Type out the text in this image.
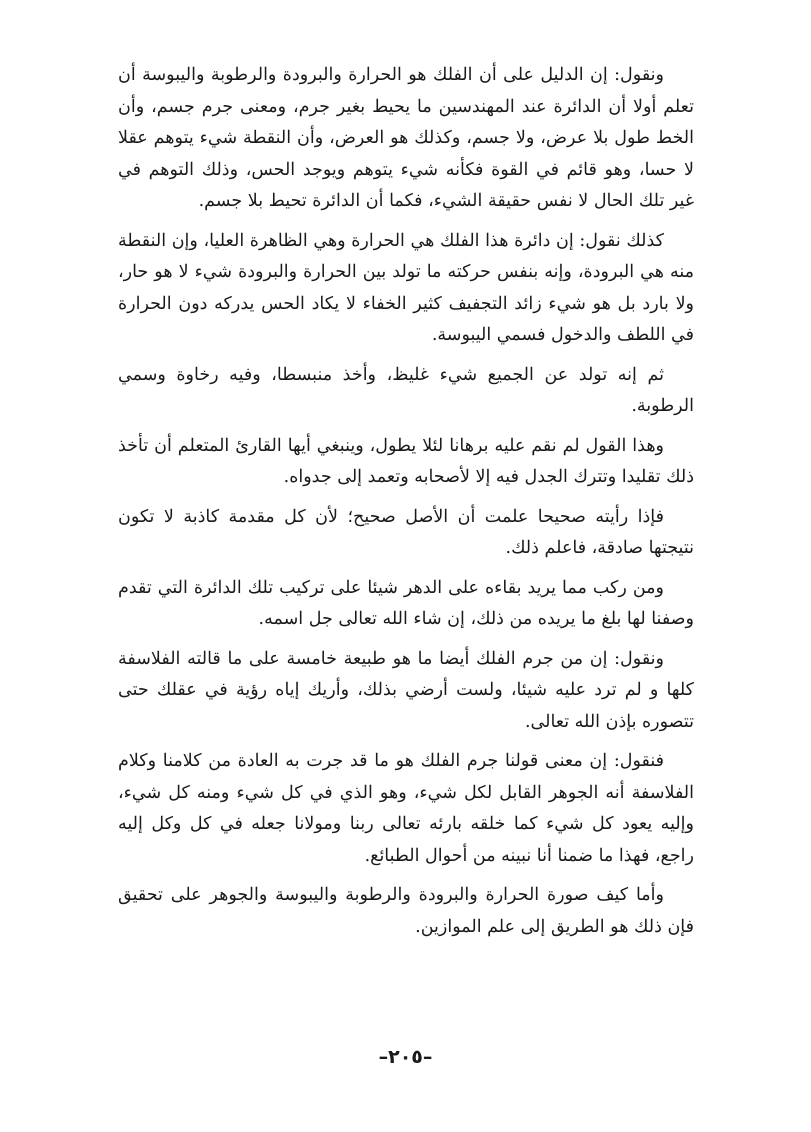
ونقول: إن الدليل على أن الفلك هو الحرارة والبرودة والرطوبة واليبوسة أن تعلم أولا أن الدائرة عند المهندسين ما يحيط بغير جرم، ومعنى جرم جسم، وأن الخط طول بلا عرض، ولا جسم، وكذلك هو العرض، وأن النقطة شيء يتوهم عقلا لا حسا، وهو قائم في القوة فكأنه شيء يتوهم ويوجد الحس، وذلك التوهم في غير تلك الحال لا نفس حقيقة الشيء، فكما أن الدائرة تحيط بلا جسم.

كذلك نقول: إن دائرة هذا الفلك هي الحرارة وهي الظاهرة العليا، وإن النقطة منه هي البرودة، وإنه بنفس حركته ما تولد بين الحرارة والبرودة شيء لا هو حار، ولا بارد بل هو شيء زائد التجفيف كثير الخفاء لا يكاد الحس يدركه دون الحرارة في اللطف والدخول فسمي اليبوسة.

ثم إنه تولد عن الجميع شيء غليظ، وأخذ منبسطا، وفيه رخاوة وسمي الرطوبة.

وهذا القول لم نقم عليه برهانا لئلا يطول، وينبغي أيها القارئ المتعلم أن تأخذ ذلك تقليدا وتترك الجدل فيه إلا لأصحابه وتعمد إلى جدواه.

فإذا رأيته صحيحا علمت أن الأصل صحيح؛ لأن كل مقدمة كاذبة لا تكون نتيجتها صادقة، فاعلم ذلك.

ومن ركب مما يريد بقاءه على الدهر شيئا على تركيب تلك الدائرة التي تقدم وصفنا لها بلغ ما يريده من ذلك، إن شاء الله تعالى جل اسمه.

ونقول: إن من جرم الفلك أيضا ما هو طبيعة خامسة على ما قالته الفلاسفة كلها و لم ترد عليه شيئا، ولست أرضي بذلك، وأريك إياه رؤية في عقلك حتى تتصوره بإذن الله تعالى.

فنقول: إن معنى قولنا جرم الفلك هو ما قد جرت به العادة من كلامنا وكلام الفلاسفة أنه الجوهر القابل لكل شيء، وهو الذي في كل شيء ومنه كل شيء، وإليه يعود كل شيء كما خلقه بارئه تعالى ربنا ومولانا جعله في كل وكل إليه راجع، فهذا ما ضمنا أنا نبينه من أحوال الطبائع.

وأما كيف صورة الحرارة والبرودة والرطوبة واليبوسة والجوهر على تحقيق فإن ذلك هو الطريق إلى علم الموازين.

–٢٠٥–
